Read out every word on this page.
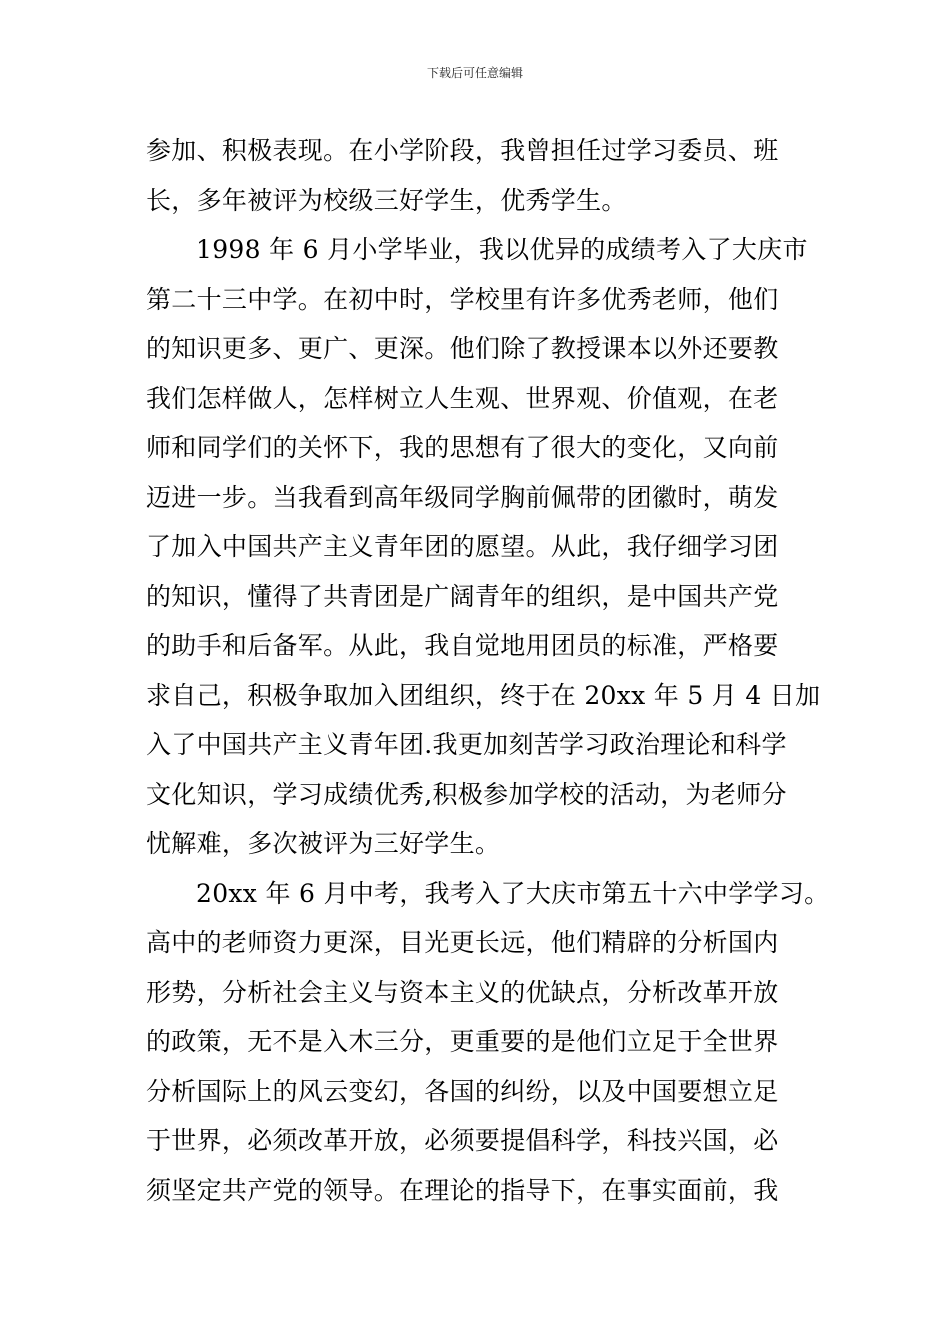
下载后可任意编辑
参加、积极表现。在小学阶段，我曾担任过学习委员、班
长，多年被评为校级三好学生，优秀学生。
1998 年 6 月小学毕业，我以优异的成绩考入了大庆市
第二十三中学。在初中时，学校里有许多优秀老师，他们
的知识更多、更广、更深。他们除了教授课本以外还要教
我们怎样做人，怎样树立人生观、世界观、价值观，在老
师和同学们的关怀下，我的思想有了很大的变化，又向前
迈进一步。当我看到高年级同学胸前佩带的团徽时，萌发
了加入中国共产主义青年团的愿望。从此，我仔细学习团
的知识，懂得了共青团是广阔青年的组织，是中国共产党
的助手和后备军。从此，我自觉地用团员的标准，严格要
求自己，积极争取加入团组织，终于在 20xx 年 5 月 4 日加
入了中国共产主义青年团.我更加刻苦学习政治理论和科学
文化知识，学习成绩优秀,积极参加学校的活动，为老师分
忧解难，多次被评为三好学生。
20xx 年 6 月中考，我考入了大庆市第五十六中学学习。
高中的老师资力更深，目光更长远，他们精辟的分析国内
形势，分析社会主义与资本主义的优缺点，分析改革开放
的政策，无不是入木三分，更重要的是他们立足于全世界
分析国际上的风云变幻，各国的纠纷，以及中国要想立足
于世界，必须改革开放，必须要提倡科学，科技兴国，必
须坚定共产党的领导。在理论的指导下，在事实面前，我
